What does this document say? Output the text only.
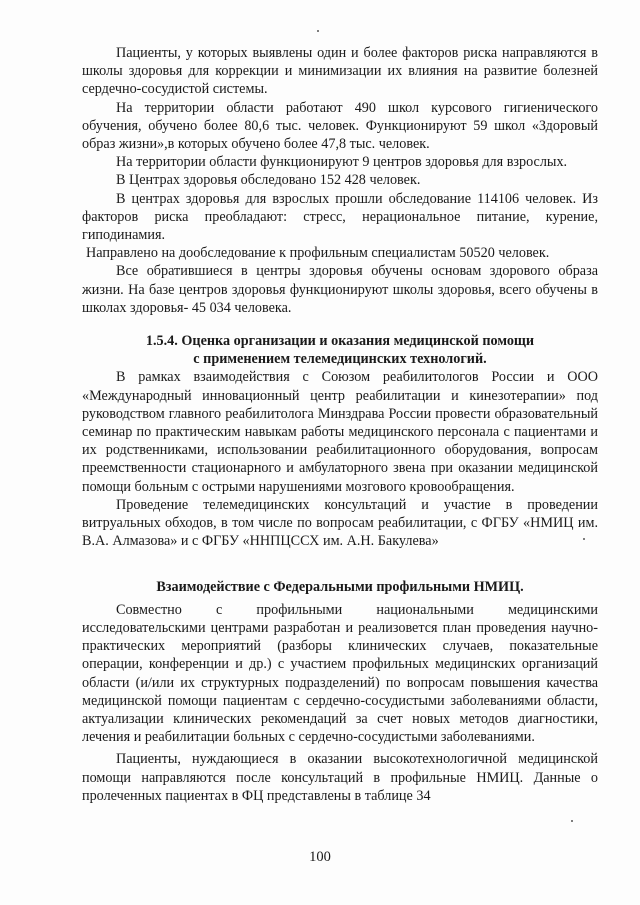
Пациенты, у которых выявлены один и более факторов риска направляются в школы здоровья для коррекции и минимизации их влияния на развитие болезней сердечно-сосудистой системы.

На территории области работают 490 школ курсового гигиенического обучения, обучено более 80,6 тыс. человек. Функционируют 59 школ «Здоровый образ жизни»,в которых обучено более 47,8 тыс. человек.

На территории области функционируют 9 центров здоровья для взрослых.

В Центрах здоровья обследовано 152 428 человек.

В центрах здоровья для взрослых прошли обследование 114106 человек. Из факторов риска преобладают: стресс, нерациональное питание, курение, гиподинамия.

Направлено на дообследование к профильным специалистам 50520 человек.

Все обратившиеся в центры здоровья обучены основам здорового образа жизни. На базе центров здоровья функционируют школы здоровья, всего обучены в школах здоровья- 45 034 человека.

1.5.4. Оценка организации и оказания медицинской помощи
с применением телемедицинских технологий.

В рамках взаимодействия с Союзом реабилитологов России и ООО «Международный инновационный центр реабилитации и кинезотерапии» под руководством главного реабилитолога Минздрава России провести образовательный семинар по практическим навыкам работы медицинского персонала с пациентами и их родственниками, использовании реабилитационного оборудования, вопросам преемственности стационарного и амбулаторного звена при оказании медицинской помощи больным с острыми нарушениями мозгового кровообращения.

Проведение телемедицинских консультаций и участие в проведении витруальных обходов, в том числе по вопросам реабилитации, с ФГБУ «НМИЦ им. В.А. Алмазова» и с ФГБУ «ННПЦССХ им. А.Н. Бакулева»

Взаимодействие с Федеральными профильными НМИЦ.

Совместно с профильными национальными медицинскими исследовательскими центрами разработан и реализовется план проведения научно-практических мероприятий (разборы клинических случаев, показательные операции, конференции и др.) с участием профильных медицинских организаций области (и/или их структурных подразделений) по вопросам повышения качества медицинской помощи пациентам с сердечно-сосудистыми заболеваниями области, актуализации клинических рекомендаций за счет новых методов диагностики, лечения и реабилитации больных с сердечно-сосудистыми заболеваниями.

Пациенты, нуждающиеся в оказании высокотехнологичной медицинской помощи направляются после консультаций в профильные НМИЦ. Данные о пролеченных пациентах в ФЦ представлены в таблице 34

100
